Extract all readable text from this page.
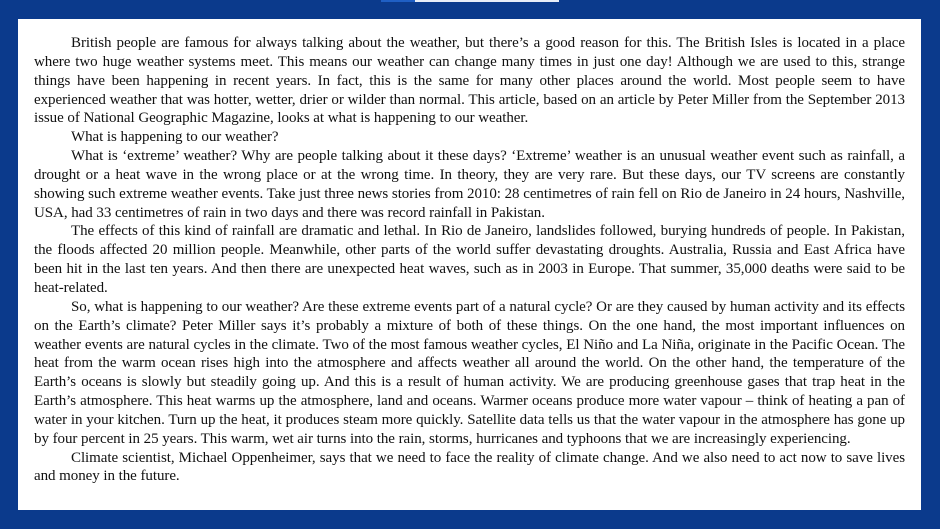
British people are famous for always talking about the weather, but there’s a good reason for this. The British Isles is located in a place where two huge weather systems meet. This means our weather can change many times in just one day! Although we are used to this, strange things have been happening in recent years. In fact, this is the same for many other places around the world. Most people seem to have experienced weather that was hotter, wetter, drier or wilder than normal. This article, based on an article by Peter Miller from the September 2013 issue of National Geographic Magazine, looks at what is happening to our weather.

What is happening to our weather?

What is ‘extreme’ weather? Why are people talking about it these days? ‘Extreme’ weather is an unusual weather event such as rainfall, a drought or a heat wave in the wrong place or at the wrong time. In theory, they are very rare. But these days, our TV screens are constantly showing such extreme weather events. Take just three news stories from 2010: 28 centimetres of rain fell on Rio de Janeiro in 24 hours, Nashville, USA, had 33 centimetres of rain in two days and there was record rainfall in Pakistan.

The effects of this kind of rainfall are dramatic and lethal. In Rio de Janeiro, landslides followed, burying hundreds of people. In Pakistan, the floods affected 20 million people. Meanwhile, other parts of the world suffer devastating droughts. Australia, Russia and East Africa have been hit in the last ten years. And then there are unexpected heat waves, such as in 2003 in Europe. That summer, 35,000 deaths were said to be heat-related.

So, what is happening to our weather? Are these extreme events part of a natural cycle? Or are they caused by human activity and its effects on the Earth’s climate? Peter Miller says it’s probably a mixture of both of these things. On the one hand, the most important influences on weather events are natural cycles in the climate. Two of the most famous weather cycles, El Niño and La Niña, originate in the Pacific Ocean. The heat from the warm ocean rises high into the atmosphere and affects weather all around the world. On the other hand, the temperature of the Earth’s oceans is slowly but steadily going up. And this is a result of human activity. We are producing greenhouse gases that trap heat in the Earth’s atmosphere. This heat warms up the atmosphere, land and oceans. Warmer oceans produce more water vapour – think of heating a pan of water in your kitchen. Turn up the heat, it produces steam more quickly. Satellite data tells us that the water vapour in the atmosphere has gone up by four percent in 25 years. This warm, wet air turns into the rain, storms, hurricanes and typhoons that we are increasingly experiencing.

Climate scientist, Michael Oppenheimer, says that we need to face the reality of climate change. And we also need to act now to save lives and money in the future.
